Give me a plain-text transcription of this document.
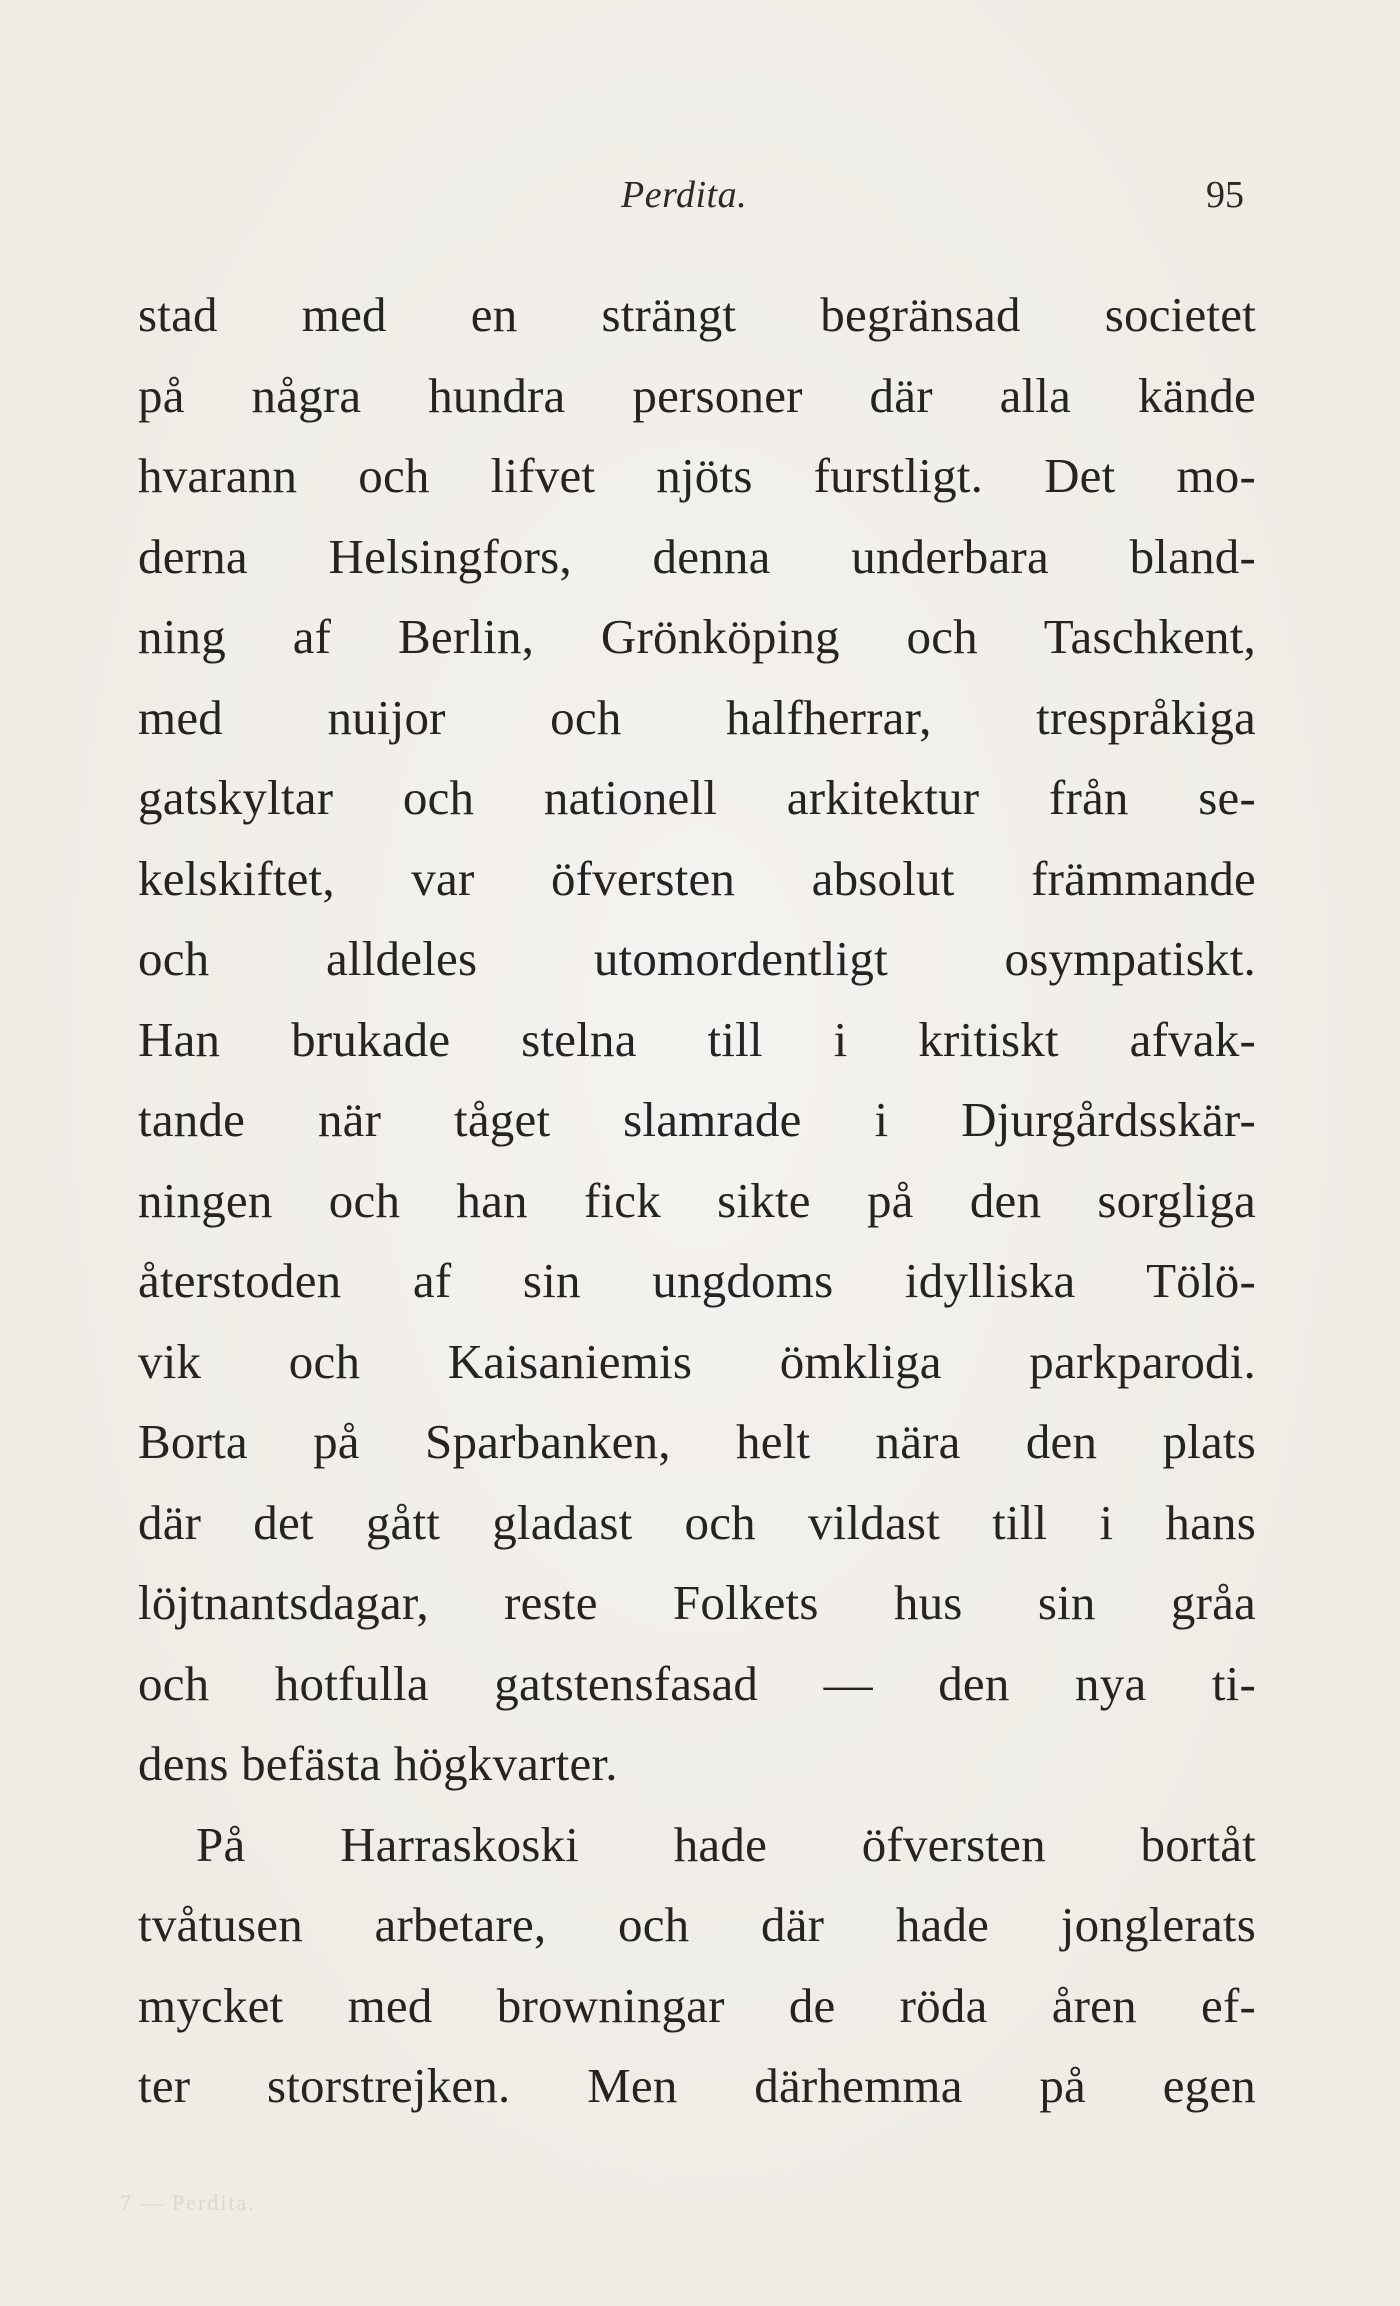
Perdita.	95
stad med en strängt begränsad societet
på några hundra personer där alla kände
hvarann och lifvet njöts furstligt. Det mo-
derna Helsingfors, denna underbara bland-
ning af Berlin, Grönköping och Taschkent,
med nuijor och halfherrar, trespråkiga
gatskyltar och nationell arkitektur från se-
kelskiftet, var öfversten absolut främmande
och alldeles utomordentligt osympatiskt.
Han brukade stelna till i kritiskt afvak-
tande när tåget slamrade i Djurgårdsskär-
ningen och han fick sikte på den sorgliga
återstoden af sin ungdoms idylliska Tölö-
vik och Kaisaniemis ömkliga parkparodi.
Borta på Sparbanken, helt nära den plats
där det gått gladast och vildast till i hans
löjtnantsdagar, reste Folkets hus sin gråa
och hotfulla gatstensfasad — den nya ti-
dens befästa högkvarter.
På Harraskoski hade öfversten bortåt
tvåtusen arbetare, och där hade jonglerats
mycket med browningar de röda åren ef-
ter storstrejken. Men därhemma på egen
7 — Perdita.
